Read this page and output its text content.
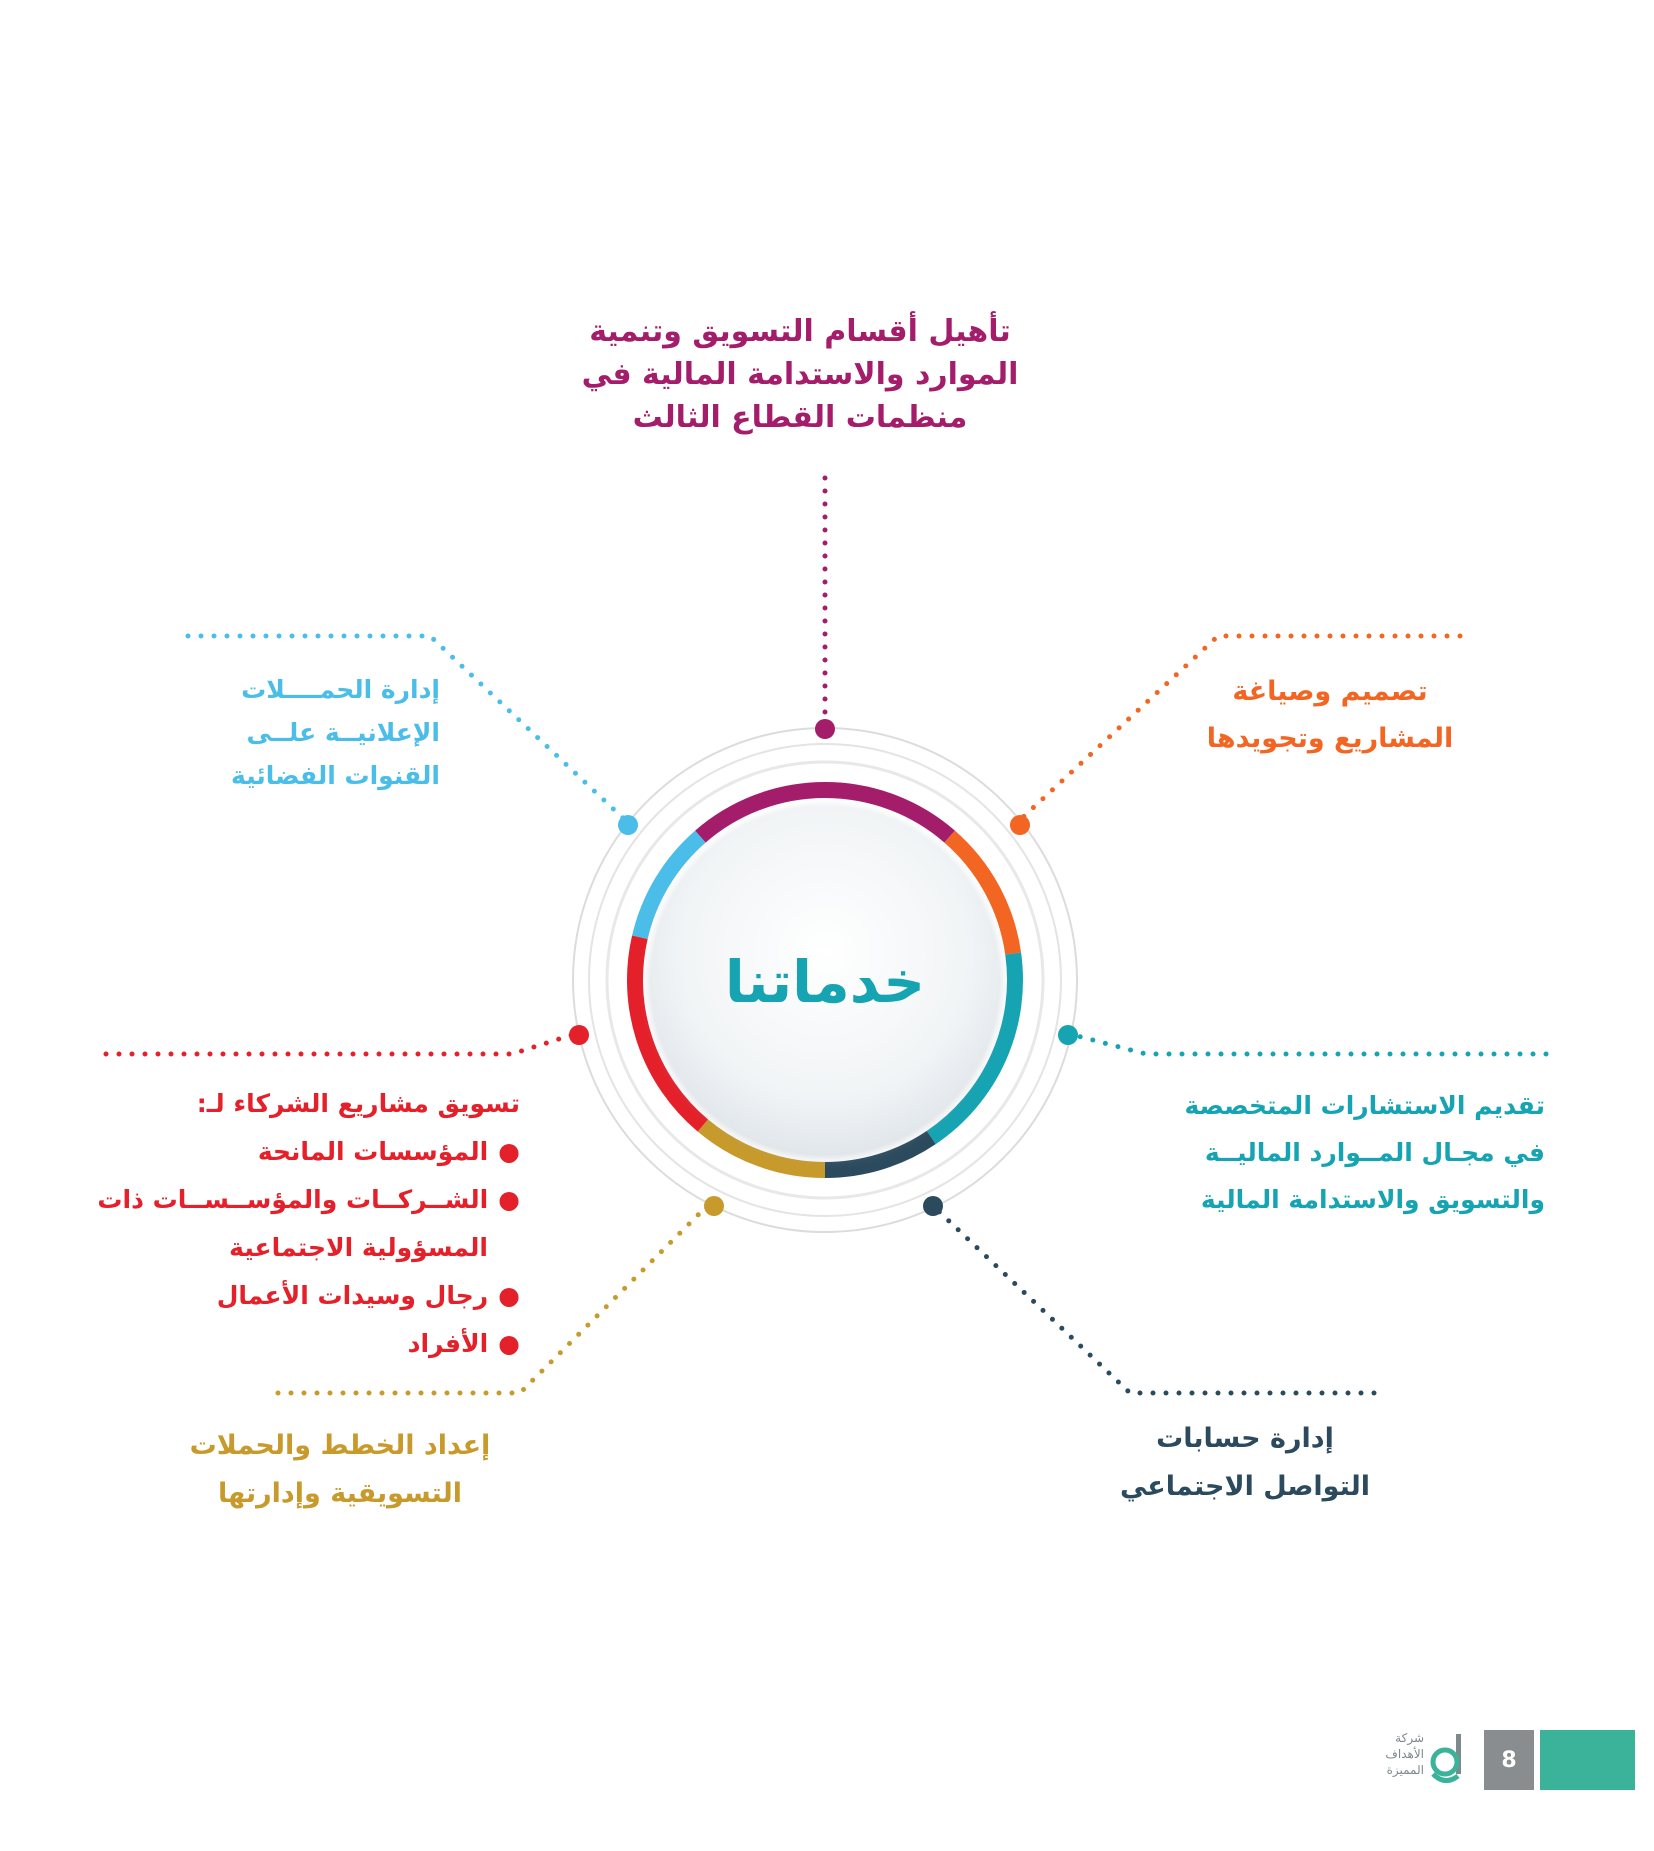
خدماتنا
تأهيل أقسام التسويق وتنمية
الموارد والاستدامة المالية في
منظمات القطاع الثالث
تصميم وصياغة
المشاريع وتجويدها
إدارة الحمــــلات
الإعلانيــة علــى
القنوات الفضائية
تقديم الاستشارات المتخصصة
في مجـال المــوارد الماليــة
والتسويق والاستدامة المالية
تسويق مشاريع الشركاء لـ:
●المؤسسات المانحة
●الشــركــات والمؤســســات ذات
المسؤولية الاجتماعية
●رجال وسيدات الأعمال
●الأفراد
إعداد الخطط والحملات
التسويقية وإدارتها
إدارة حسابات
التواصل الاجتماعي
شركة
الأهداف
المميزة	8
